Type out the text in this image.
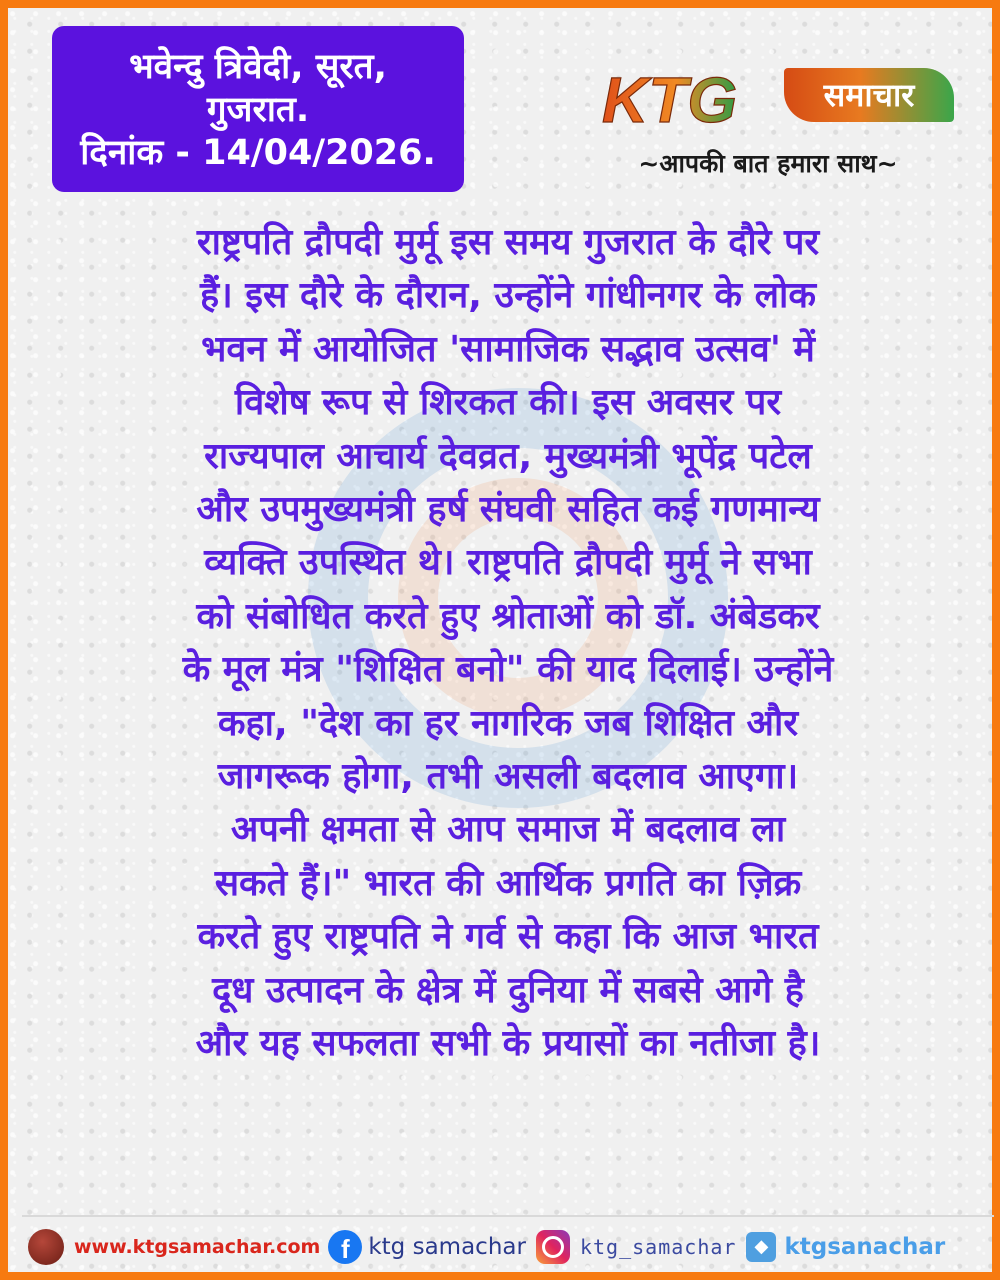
भवेन्दु त्रिवेदी, सूरत,
गुजरात.
दिनांक - 14/04/2026.
KTG	समाचार
~आपकी बात हमारा साथ~
राष्ट्रपति द्रौपदी मुर्मू इस समय गुजरात के दौरे पर
हैं। इस दौरे के दौरान, उन्होंने गांधीनगर के लोक
भवन में आयोजित 'सामाजिक सद्भाव उत्सव' में
विशेष रूप से शिरकत की। इस अवसर पर
राज्यपाल आचार्य देवव्रत, मुख्यमंत्री भूपेंद्र पटेल
और उपमुख्यमंत्री हर्ष संघवी सहित कई गणमान्य
व्यक्ति उपस्थित थे। राष्ट्रपति द्रौपदी मुर्मू ने सभा
को संबोधित करते हुए श्रोताओं को डॉ. अंबेडकर
के मूल मंत्र "शिक्षित बनो" की याद दिलाई। उन्होंने
कहा, "देश का हर नागरिक जब शिक्षित और
जागरूक होगा, तभी असली बदलाव आएगा।
अपनी क्षमता से आप समाज में बदलाव ला
सकते हैं।" भारत की आर्थिक प्रगति का ज़िक्र
करते हुए राष्ट्रपति ने गर्व से कहा कि आज भारत
दूध उत्पादन के क्षेत्र में दुनिया में सबसे आगे है
और यह सफलता सभी के प्रयासों का नतीजा है।
www.ktgsamachar.com f ktg samachar	ktg_samachar	◆ ktgsanachar
